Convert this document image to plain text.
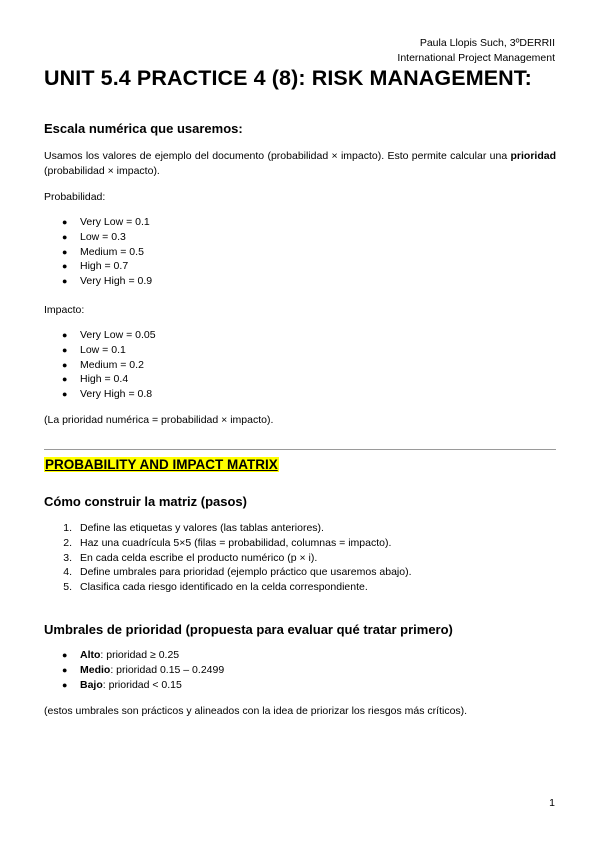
Paula Llopis Such, 3ºDERRII
International Project Management
UNIT 5.4 PRACTICE 4 (8): RISK MANAGEMENT:
Escala numérica que usaremos:

Usamos los valores de ejemplo del documento (probabilidad × impacto). Esto permite calcular una prioridad (probabilidad × impacto).

Probabilidad:

● Very Low = 0.1
● Low = 0.3
● Medium = 0.5
● High = 0.7
● Very High = 0.9

Impacto:

● Very Low = 0.05
● Low = 0.1
● Medium = 0.2
● High = 0.4
● Very High = 0.8

(La prioridad numérica = probabilidad × impacto).

PROBABILITY AND IMPACT MATRIX
Cómo construir la matriz (pasos)
1. Define las etiquetas y valores (las tablas anteriores).
2. Haz una cuadrícula 5×5 (filas = probabilidad, columnas = impacto).
3. En cada celda escribe el producto numérico (p × i).
4. Define umbrales para prioridad (ejemplo práctico que usaremos abajo).
5. Clasifica cada riesgo identificado en la celda correspondiente.
Umbrales de prioridad (propuesta para evaluar qué tratar primero)
● Alto: prioridad ≥ 0.25
● Medio: prioridad 0.15 – 0.2499
● Bajo: prioridad < 0.15

(estos umbrales son prácticos y alineados con la idea de priorizar los riesgos más críticos).

1
